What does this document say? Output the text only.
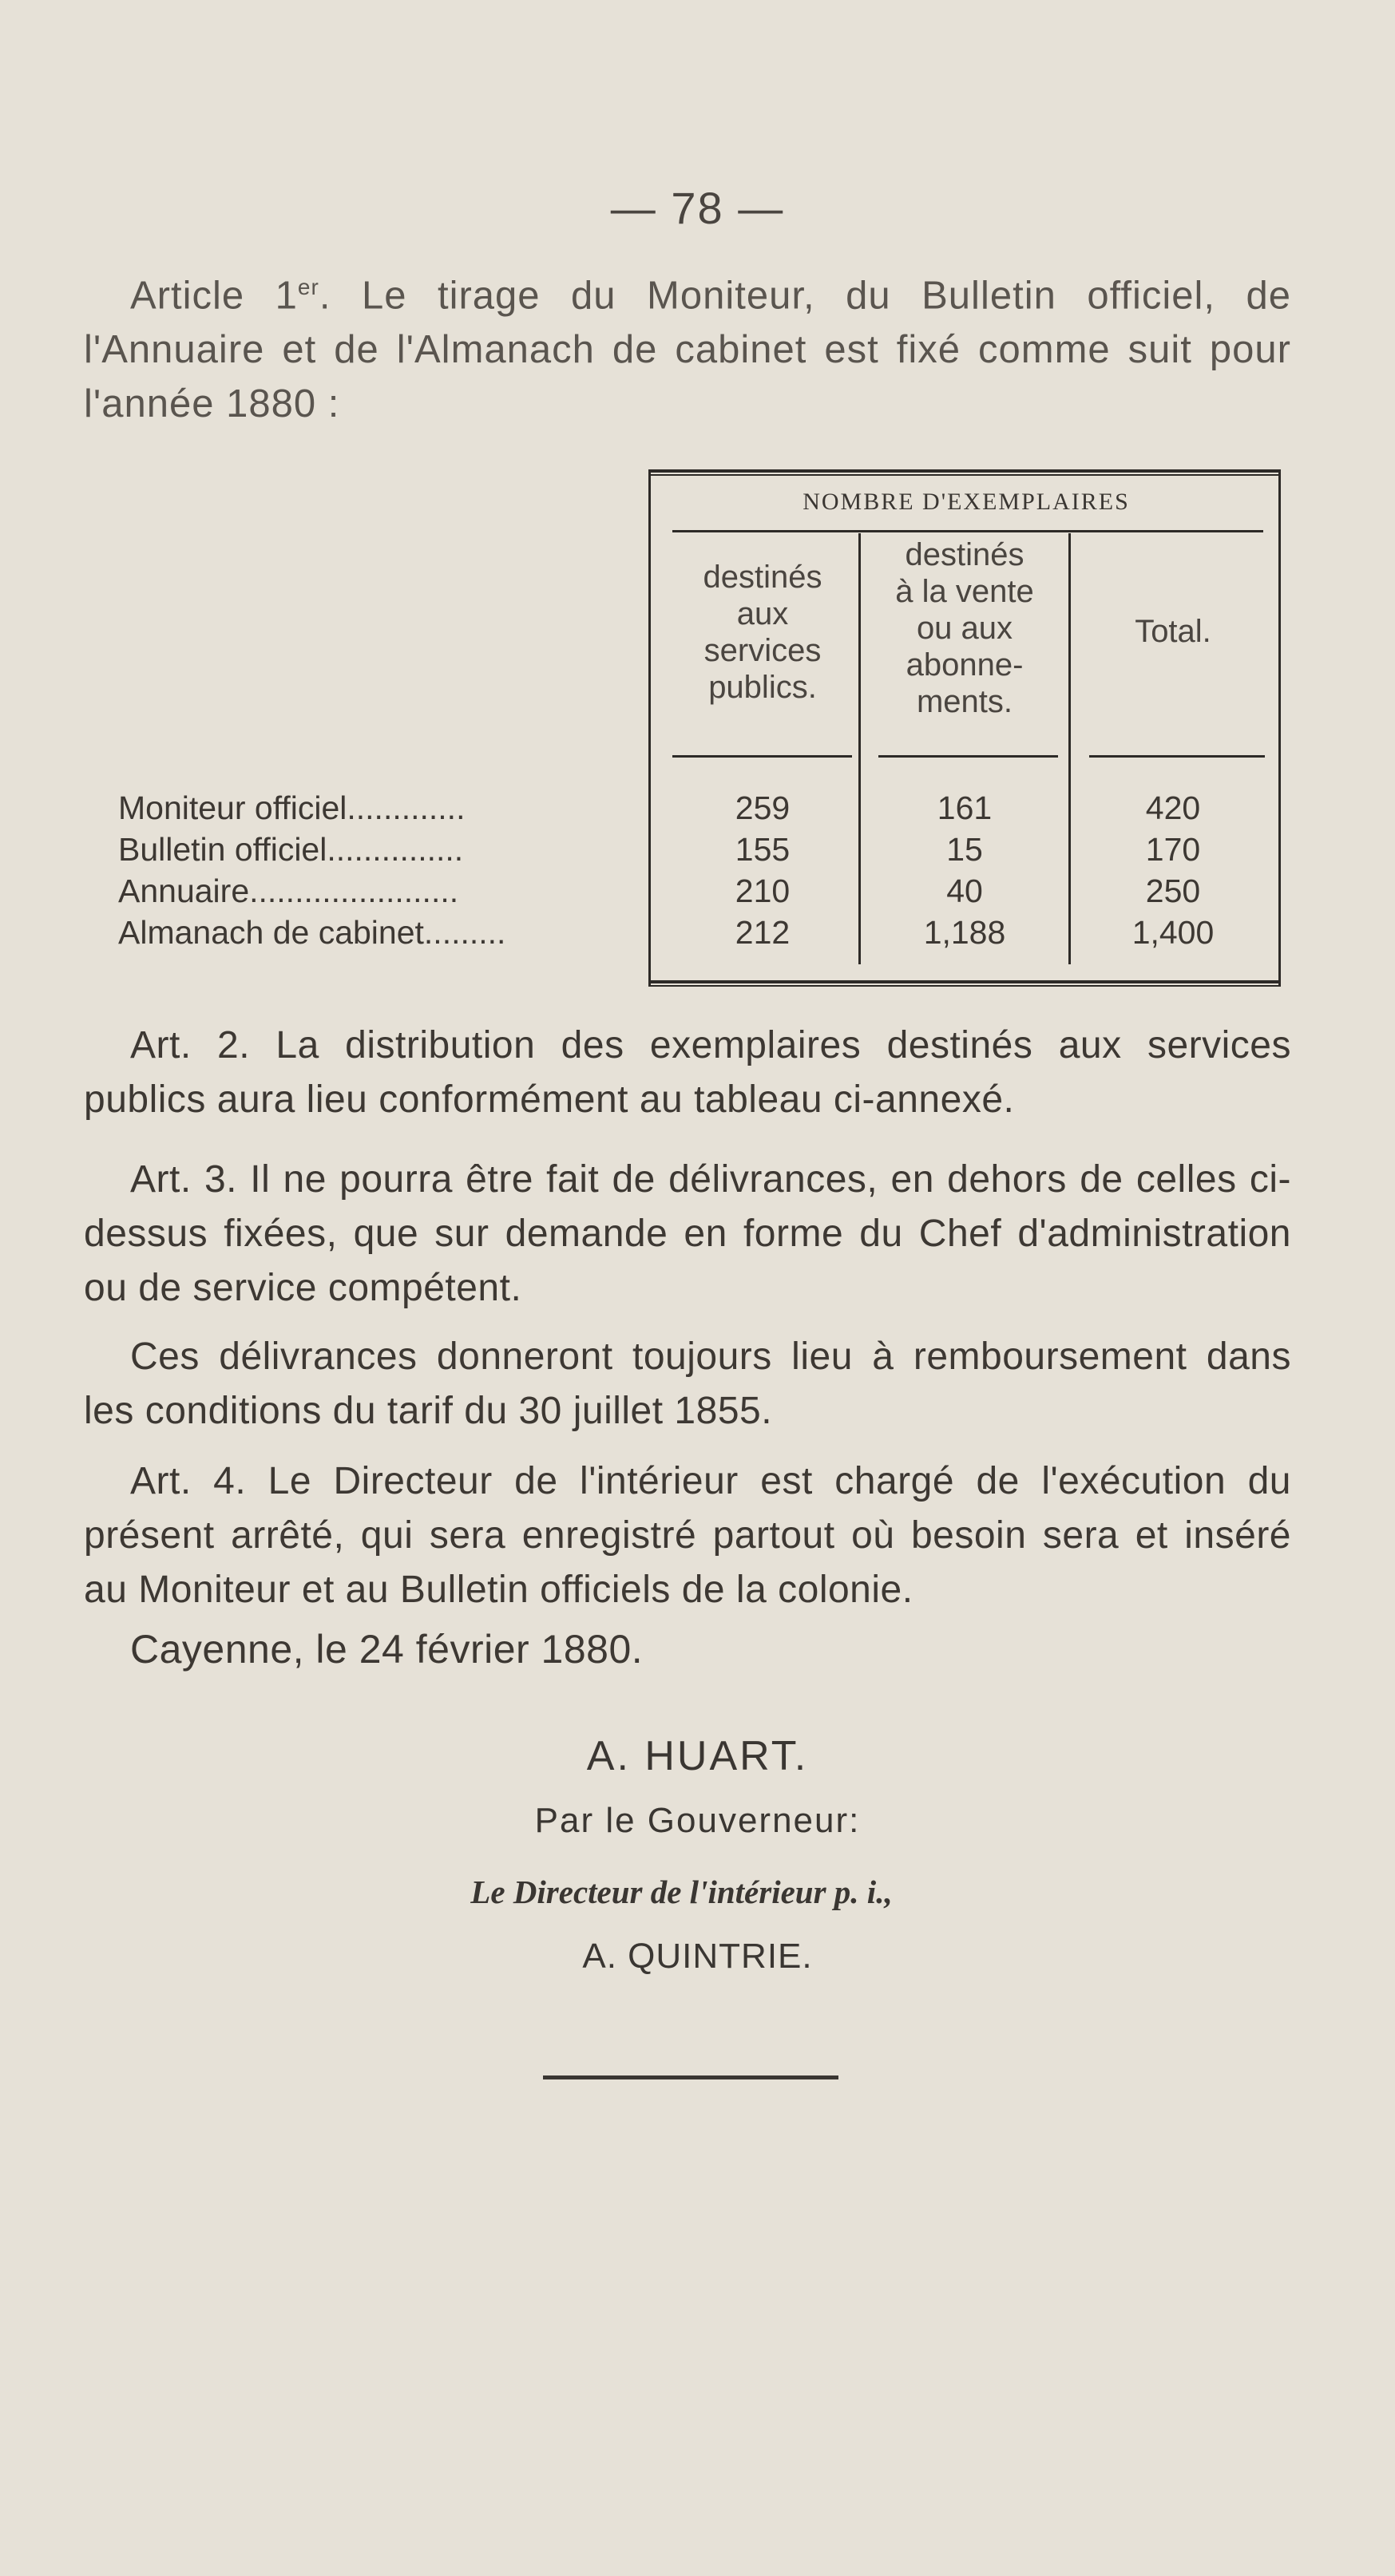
— 78 —
Article 1er. Le tirage du Moniteur, du Bulletin officiel, de l'Annuaire et de l'Almanach de cabinet est fixé comme suit pour l'année 1880 :
NOMBRE D'EXEMPLAIRES
destinés
aux
services
publics.
destinés
à la vente
ou aux
abonne-
ments.
Total.
Moniteur officiel.............	259	161	420
Bulletin officiel...............	155	15	170
Annuaire.......................	210	40	250
Almanach de cabinet.........	212	1,188	1,400
Art. 2. La distribution des exemplaires destinés aux services publics aura lieu conformément au tableau ci-annexé.
Art. 3. Il ne pourra être fait de délivrances, en dehors de celles ci-dessus fixées, que sur demande en forme du Chef d'administration ou de service compétent.
Ces délivrances donneront toujours lieu à remboursement dans les conditions du tarif du 30 juillet 1855.
Art. 4. Le Directeur de l'intérieur est chargé de l'exécution du présent arrêté, qui sera enregistré partout où besoin sera et inséré au Moniteur et au Bulletin officiels de la colonie.
Cayenne, le 24 février 1880.
A. HUART.
Par le Gouverneur:
Le Directeur de l'intérieur p. i.,
A. QUINTRIE.
